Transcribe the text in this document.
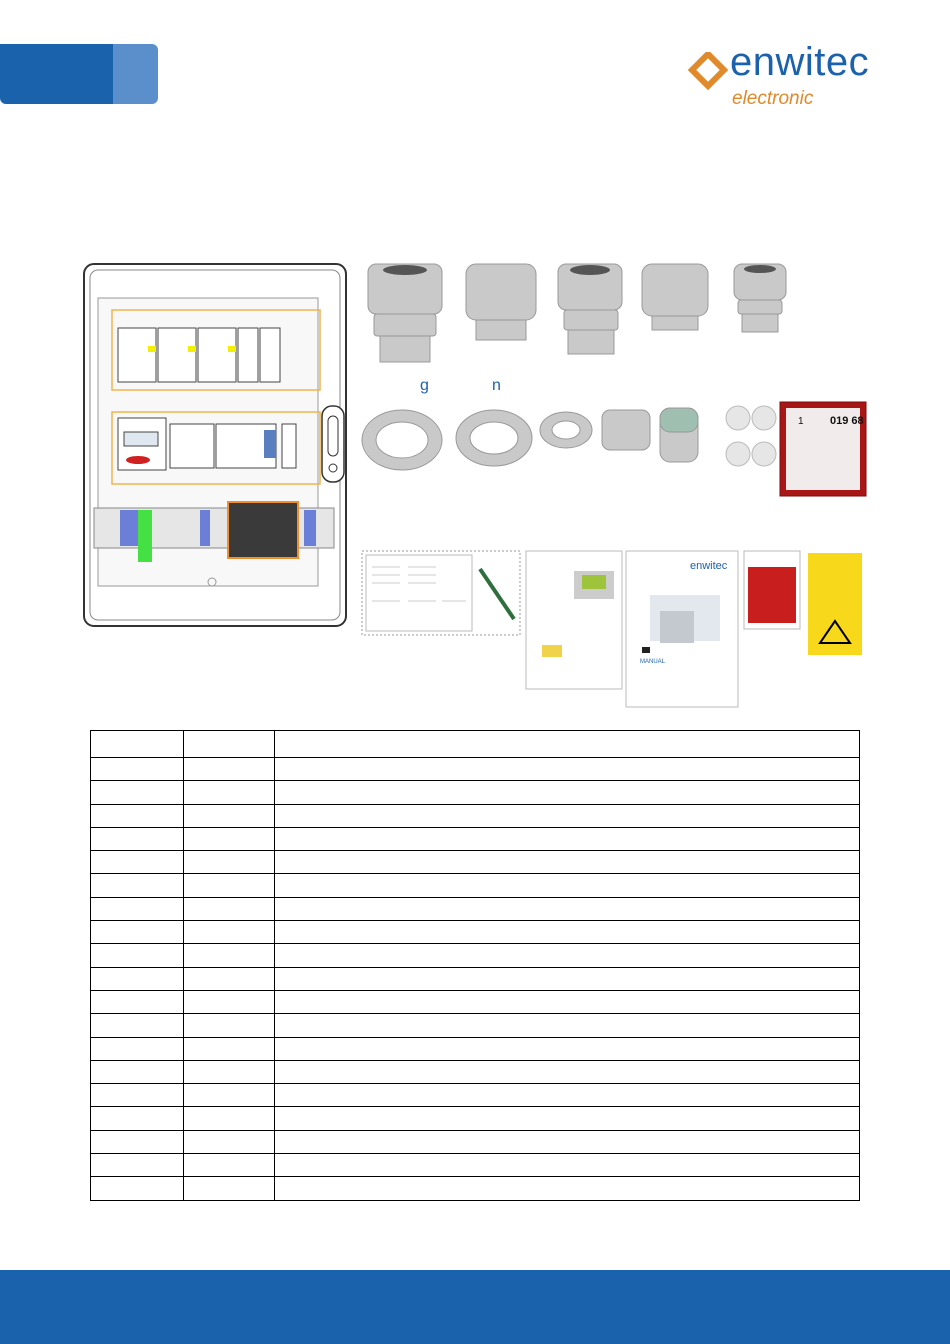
enwitec
electronic
g	n
1 019 68
enwitec
MANUAL
